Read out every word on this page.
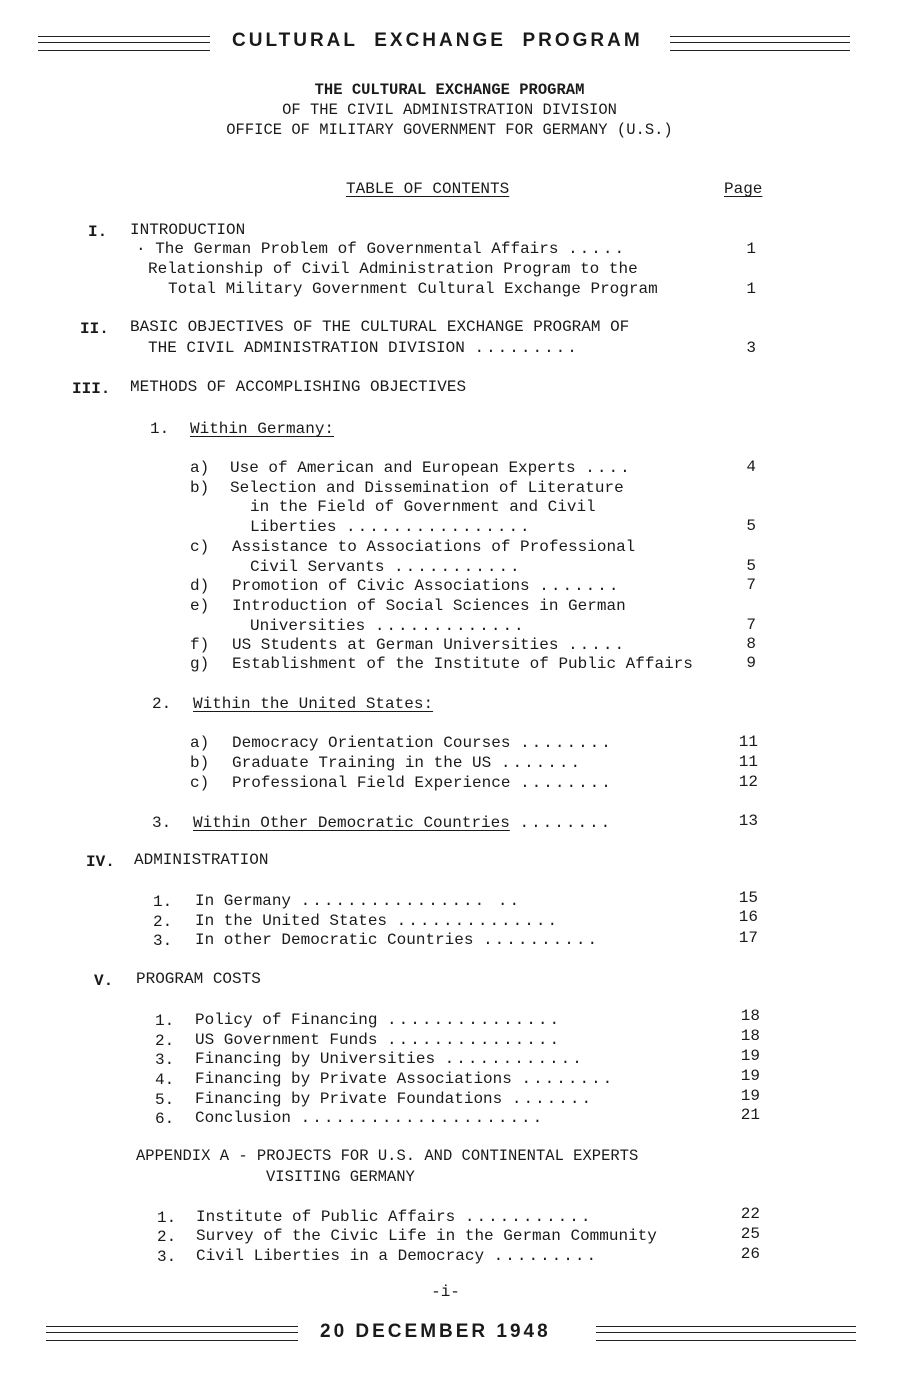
CULTURAL  EXCHANGE  PROGRAM
THE CULTURAL EXCHANGE PROGRAM
OF THE CIVIL ADMINISTRATION DIVISION
OFFICE OF MILITARY GOVERNMENT FOR GERMANY (U.S.)
TABLE OF CONTENTS	Page
I. INTRODUCTION
· The German Problem of Governmental Affairs .....	1
Relationship of Civil Administration Program to the
Total Military Government Cultural Exchange Program	1
II. BASIC OBJECTIVES OF THE CULTURAL EXCHANGE PROGRAM OF
THE CIVIL ADMINISTRATION DIVISION .........	3
III. METHODS OF ACCOMPLISHING OBJECTIVES
1. Within Germany:
a) Use of American and European Experts ....	4
b) Selection and Dissemination of Literature
in the Field of Government and Civil
Liberties ................	5
c) Assistance to Associations of Professional
Civil Servants ...........	5
d) Promotion of Civic Associations .......	7
e) Introduction of Social Sciences in German
Universities .............	7
f) US Students at German Universities .....	8
g) Establishment of the Institute of Public Affairs	9
2. Within the United States:
a) Democracy Orientation Courses ........	11
b) Graduate Training in the US .......	11
c) Professional Field Experience ........	12
3. Within Other Democratic Countries ........	13
IV. ADMINISTRATION
1. In Germany ................ ..	15
2. In the United States ..............	16
3. In other Democratic Countries ..........	17
V. PROGRAM COSTS
1. Policy of Financing ...............	18
2. US Government Funds ...............	18
3. Financing by Universities ............	19
4. Financing by Private Associations ........	19
5. Financing by Private Foundations .......	19
6. Conclusion .....................	21
APPENDIX A - PROJECTS FOR U.S. AND CONTINENTAL EXPERTS
VISITING GERMANY
1. Institute of Public Affairs ...........	22
2. Survey of the Civic Life in the German Community	25
3. Civil Liberties in a Democracy .........	26
-i-
20 DECEMBER 1948
